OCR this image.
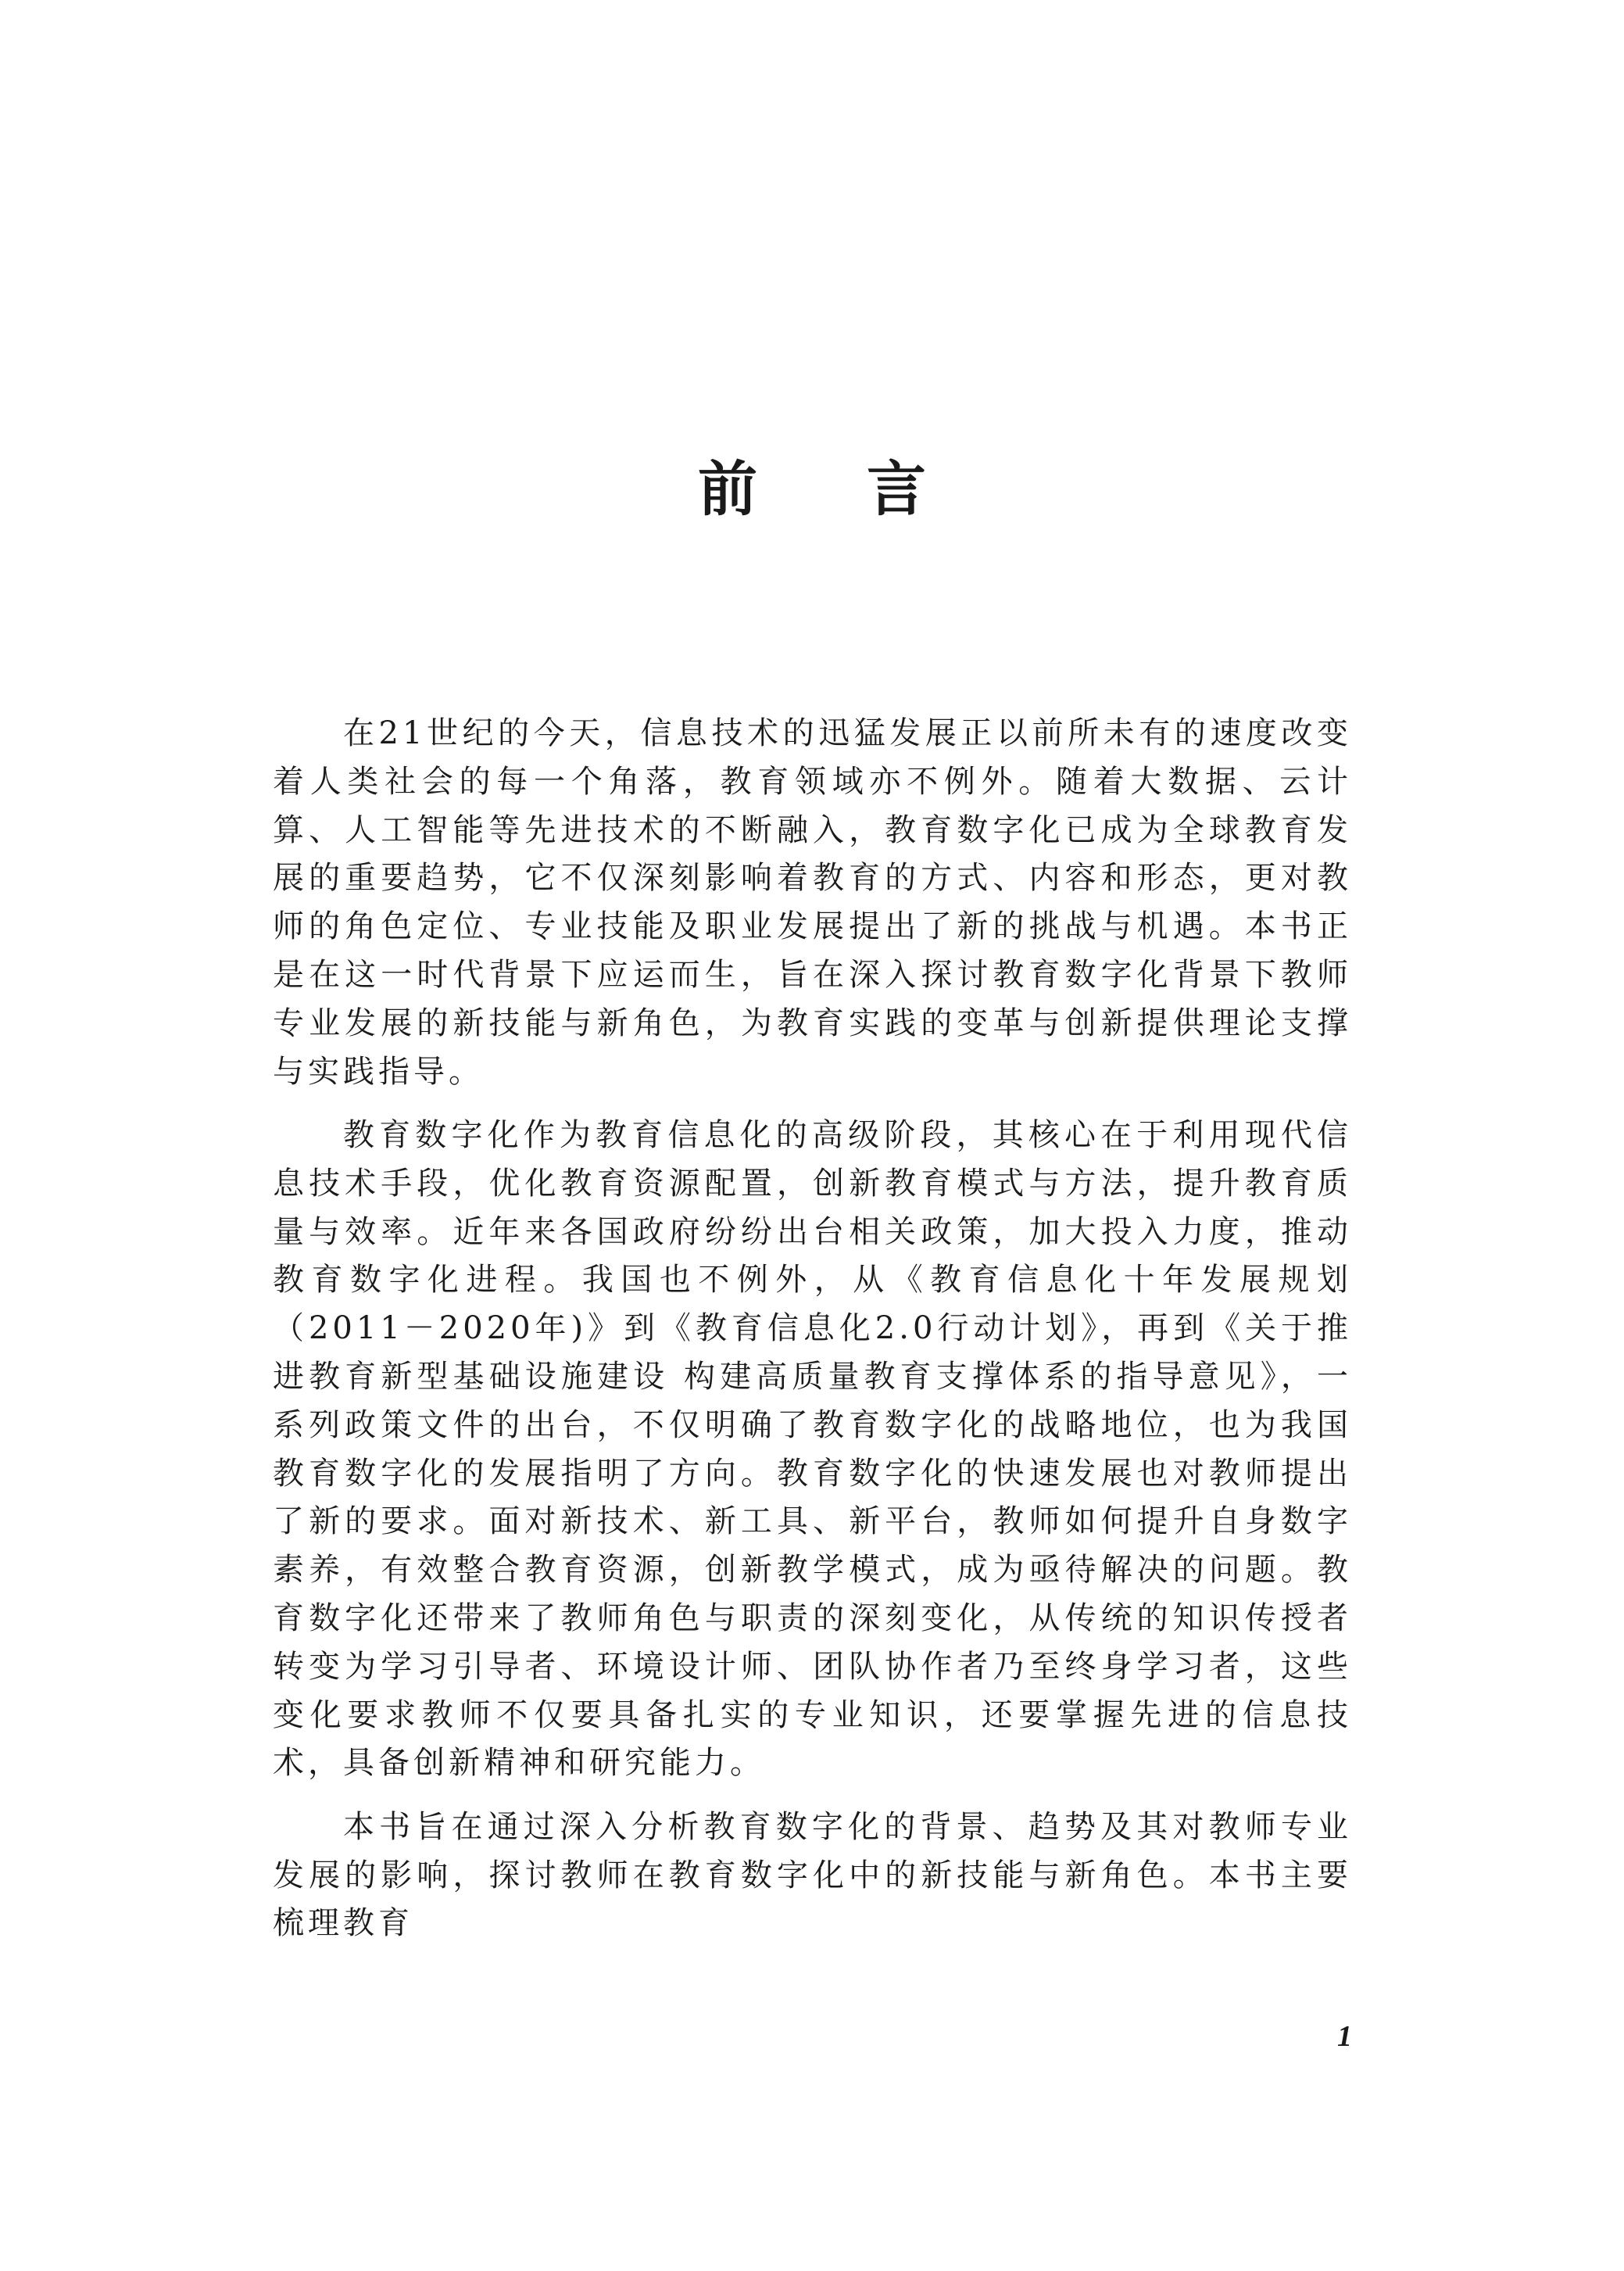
前言

在21世纪的今天，信息技术的迅猛发展正以前所未有的速度改变着人类社会的每一个角落，教育领域亦不例外。随着大数据、云计算、人工智能等先进技术的不断融入，教育数字化已成为全球教育发展的重要趋势，它不仅深刻影响着教育的方式、内容和形态，更对教师的角色定位、专业技能及职业发展提出了新的挑战与机遇。本书正是在这一时代背景下应运而生，旨在深入探讨教育数字化背景下教师专业发展的新技能与新角色，为教育实践的变革与创新提供理论支撑与实践指导。

教育数字化作为教育信息化的高级阶段，其核心在于利用现代信息技术手段，优化教育资源配置，创新教育模式与方法，提升教育质量与效率。近年来各国政府纷纷出台相关政策，加大投入力度，推动教育数字化进程。我国也不例外，从《教育信息化十年发展规划（2011－2020年)》到《教育信息化2.0行动计划》，再到《关于推进教育新型基础设施建设 构建高质量教育支撑体系的指导意见》，一系列政策文件的出台，不仅明确了教育数字化的战略地位，也为我国教育数字化的发展指明了方向。教育数字化的快速发展也对教师提出了新的要求。面对新技术、新工具、新平台，教师如何提升自身数字素养，有效整合教育资源，创新教学模式，成为亟待解决的问题。教育数字化还带来了教师角色与职责的深刻变化，从传统的知识传授者转变为学习引导者、环境设计师、团队协作者乃至终身学习者，这些变化要求教师不仅要具备扎实的专业知识，还要掌握先进的信息技术，具备创新精神和研究能力。

本书旨在通过深入分析教育数字化的背景、趋势及其对教师专业发展的影响，探讨教师在教育数字化中的新技能与新角色。本书主要梳理教育

1
